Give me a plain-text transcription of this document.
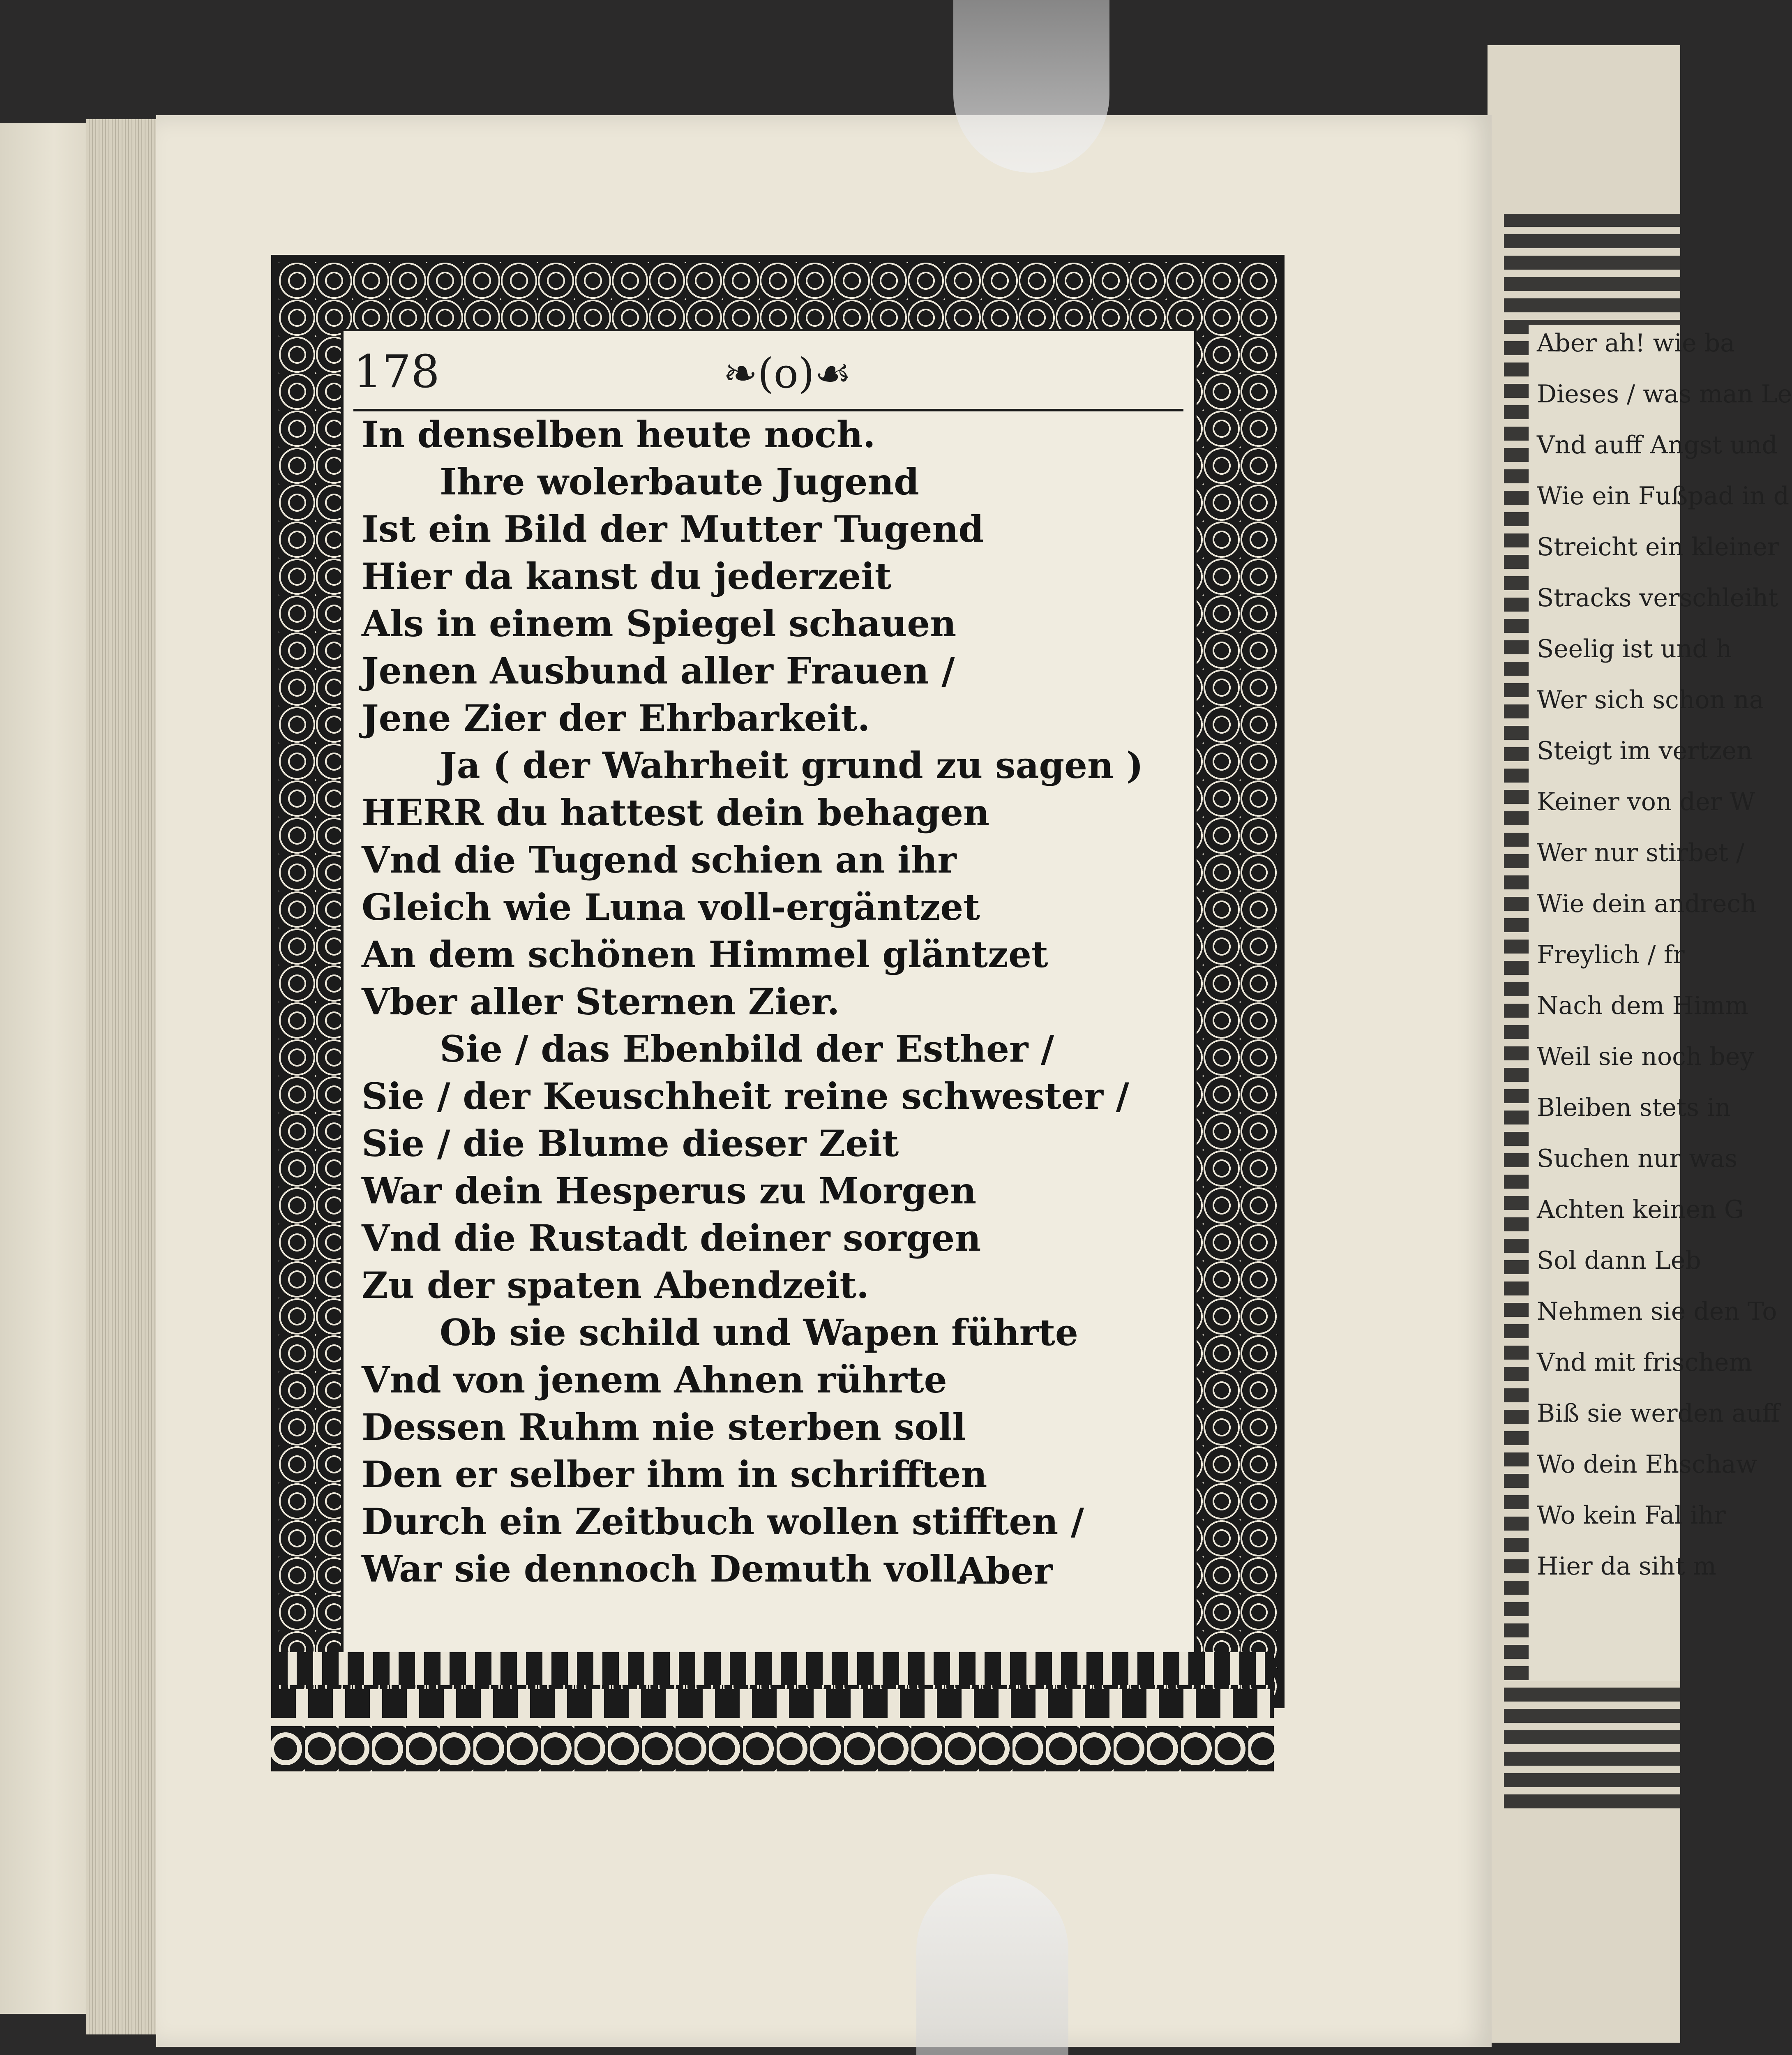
Aber ah! wie ba
Dieses / was man Le
Vnd auff Angst und
Wie ein Fußpad in d
Streicht ein kleiner
Stracks verschleiht
Seelig ist und h
Wer sich schon na
Steigt im vertzen
Keiner von der W
Wer nur stirbet /
Wie dein andrech
Freylich / fr
Nach dem Himm
Weil sie noch bey
Bleiben stets in
Suchen nur was
Achten keinen G
Sol dann Leb
Nehmen sie den To
Vnd mit frischem
Biß sie werden auff
Wo dein Ehschaw
Wo kein Fal ihr
Hier da siht m
178	❧(o)☙
In denselben heute noch.
Ihre wolerbaute Jugend
Ist ein Bild der Mutter Tugend
Hier da kanst du jederzeit
Als in einem Spiegel schauen
Jenen Ausbund aller Frauen /
Jene Zier der Ehrbarkeit.
Ja ( der Wahrheit grund zu sagen )
HERR du hattest dein behagen
Vnd die Tugend schien an ihr
Gleich wie Luna voll-ergäntzet
An dem schönen Himmel gläntzet
Vber aller Sternen Zier.
Sie / das Ebenbild der Esther /
Sie / der Keuschheit reine schwester /
Sie / die Blume dieser Zeit
War dein Hesperus zu Morgen
Vnd die Rustadt deiner sorgen
Zu der spaten Abendzeit.
Ob sie schild und Wapen führte
Vnd von jenem Ahnen rührte
Dessen Ruhm nie sterben soll
Den er selber ihm in schrifften
Durch ein Zeitbuch wollen stifften /
War sie dennoch Demuth voll.
Aber
